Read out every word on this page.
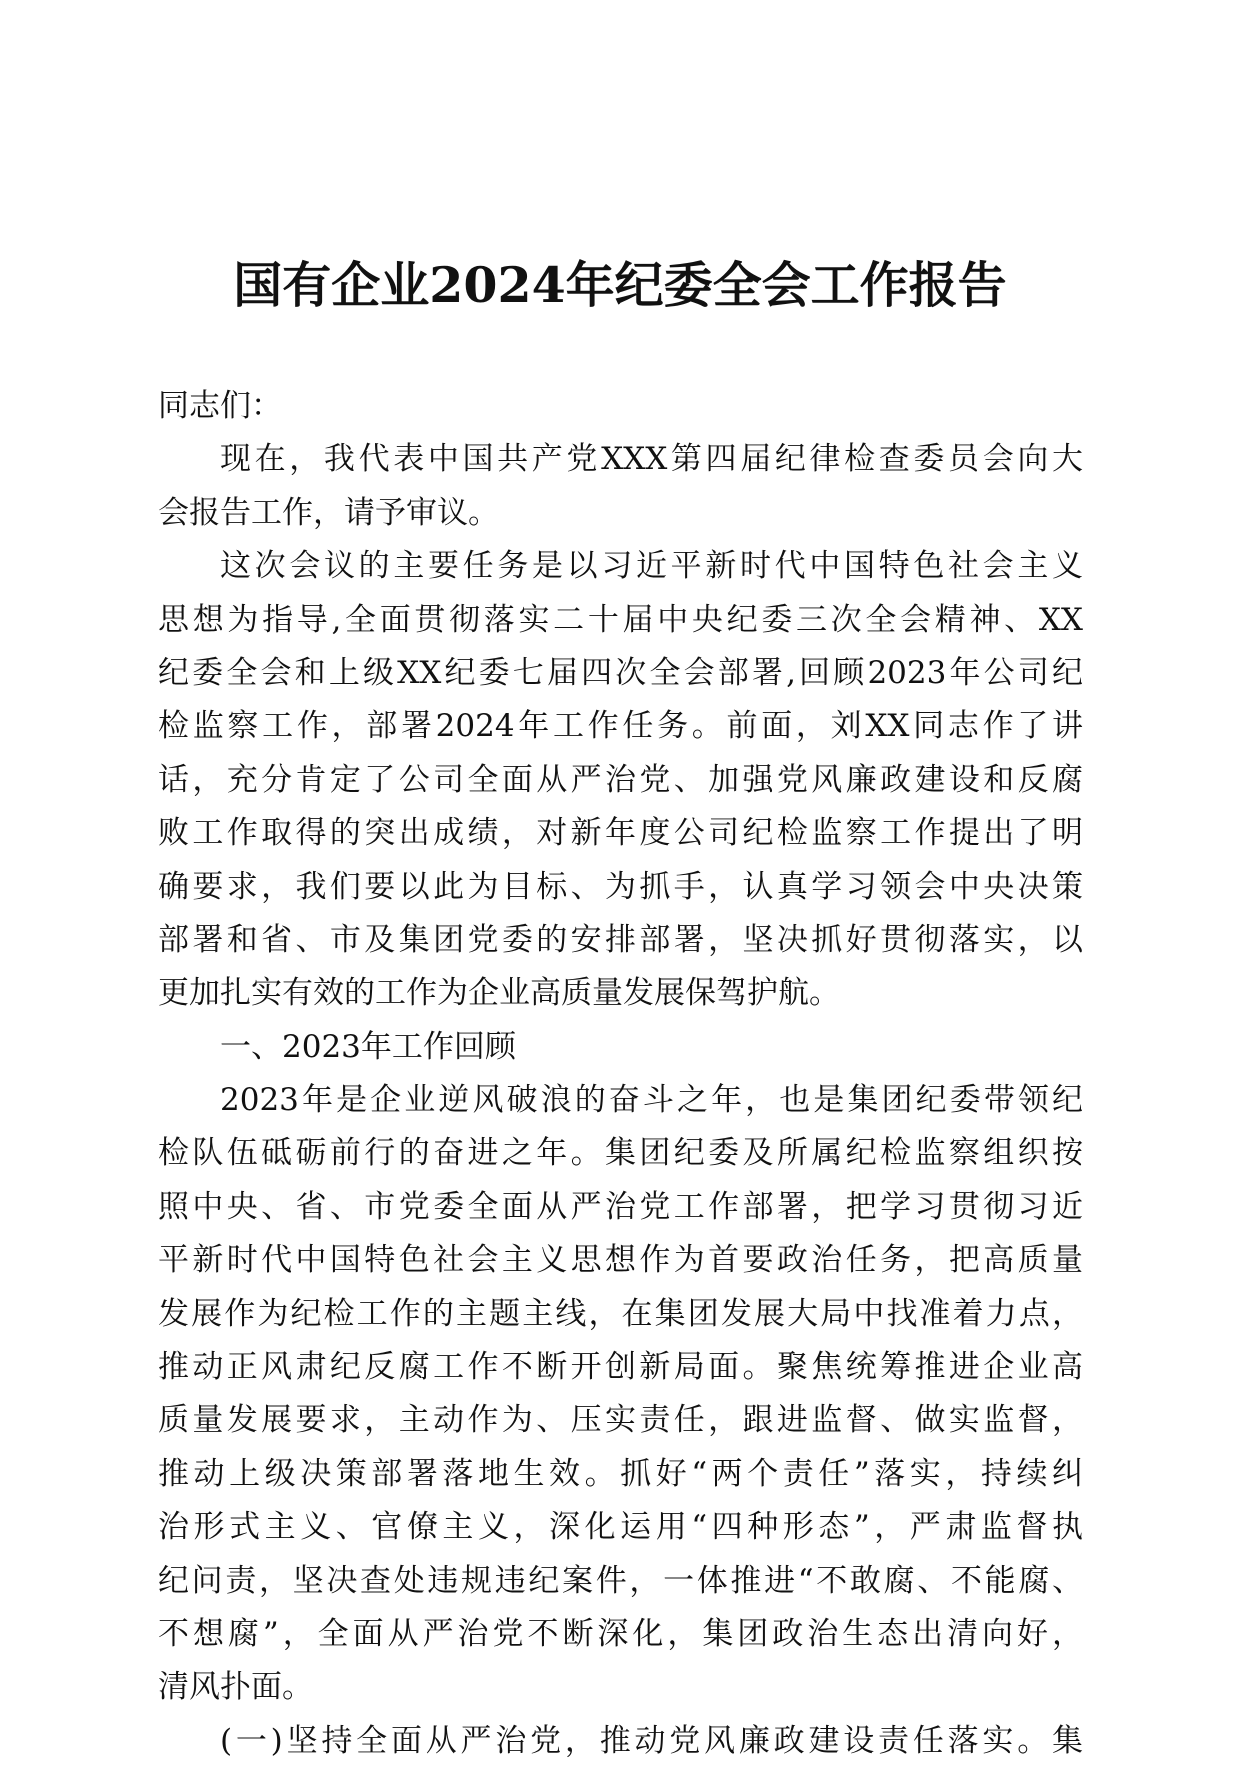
国有企业2024年纪委全会工作报告
同志们：
现在，我代表中国共产党XXX第四届纪律检查委员会向大
会报告工作，请予审议。
这次会议的主要任务是以习近平新时代中国特色社会主义
思想为指导,全面贯彻落实二十届中央纪委三次全会精神、XX
纪委全会和上级XX纪委七届四次全会部署,回顾2023年公司纪
检监察工作，部署2024年工作任务。前面，刘XX同志作了讲
话，充分肯定了公司全面从严治党、加强党风廉政建设和反腐
败工作取得的突出成绩，对新年度公司纪检监察工作提出了明
确要求，我们要以此为目标、为抓手，认真学习领会中央决策
部署和省、市及集团党委的安排部署，坚决抓好贯彻落实，以
更加扎实有效的工作为企业高质量发展保驾护航。
一、2023年工作回顾
2023年是企业逆风破浪的奋斗之年，也是集团纪委带领纪
检队伍砥砺前行的奋进之年。集团纪委及所属纪检监察组织按
照中央、省、市党委全面从严治党工作部署，把学习贯彻习近
平新时代中国特色社会主义思想作为首要政治任务，把高质量
发展作为纪检工作的主题主线，在集团发展大局中找准着力点，
推动正风肃纪反腐工作不断开创新局面。聚焦统筹推进企业高
质量发展要求，主动作为、压实责任，跟进监督、做实监督，
推动上级决策部署落地生效。抓好“两个责任”落实，持续纠
治形式主义、官僚主义，深化运用“四种形态”，严肃监督执
纪问责，坚决查处违规违纪案件，一体推进“不敢腐、不能腐、
不想腐”，全面从严治党不断深化，集团政治生态出清向好，
清风扑面。
(一)坚持全面从严治党，推动党风廉政建设责任落实。集
